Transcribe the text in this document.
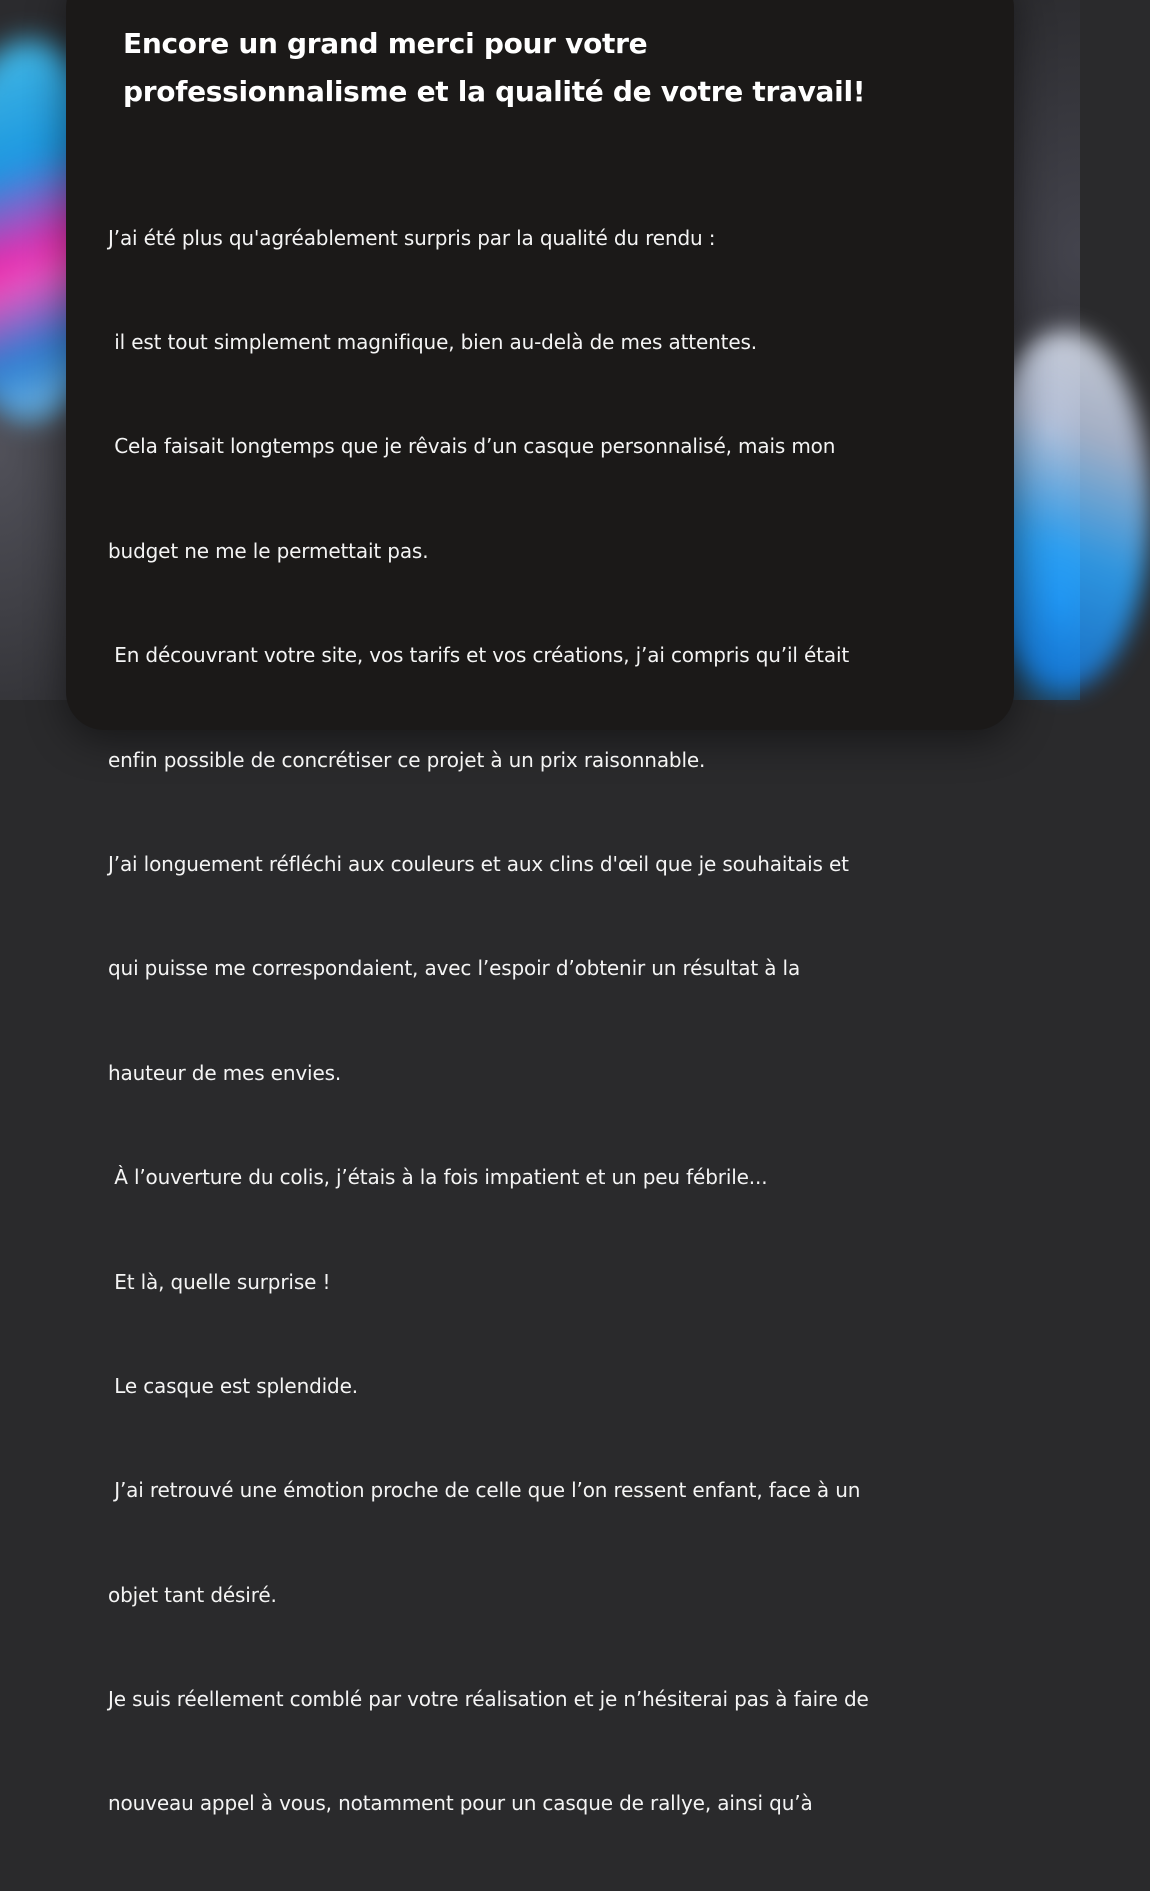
Encore un grand merci pour votre
professionnalisme et la qualité de votre travail!

J’ai été plus qu'agréablement surpris par la qualité du rendu :

il est tout simplement magnifique, bien au-delà de mes attentes.

Cela faisait longtemps que je rêvais d’un casque personnalisé, mais mon

budget ne me le permettait pas.

En découvrant votre site, vos tarifs et vos créations, j’ai compris qu’il était

enfin possible de concrétiser ce projet à un prix raisonnable.

J’ai longuement réfléchi aux couleurs et aux clins d'œil que je souhaitais et

qui puisse me correspondaient, avec l’espoir d’obtenir un résultat à la

hauteur de mes envies.

À l’ouverture du colis, j’étais à la fois impatient et un peu fébrile...

Et là, quelle surprise !

Le casque est splendide.

J’ai retrouvé une émotion proche de celle que l’on ressent enfant, face à un

objet tant désiré.

Je suis réellement comblé par votre réalisation et je n’hésiterai pas à faire de

nouveau appel à vous, notamment pour un casque de rallye, ainsi qu’à
